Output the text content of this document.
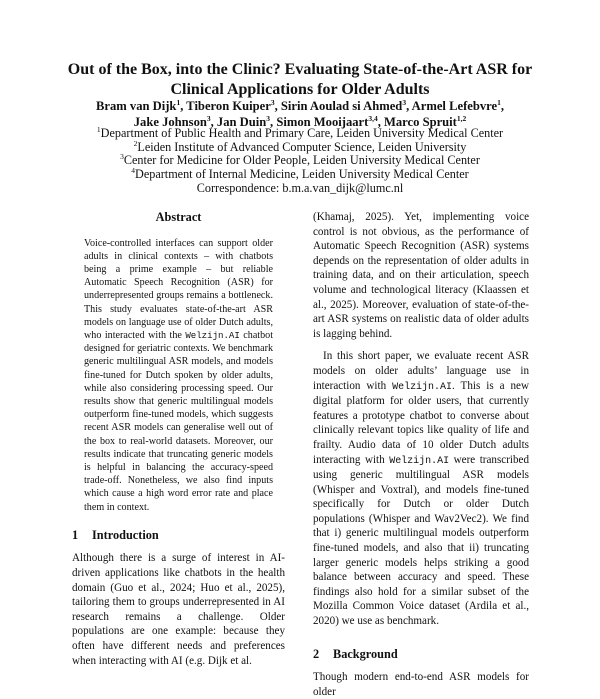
Out of the Box, into the Clinic? Evaluating State-of-the-Art ASR for Clinical Applications for Older Adults
Bram van Dijk$^1$, Tiberon Kuiper$^3$, Sirin Aoulad si Ahmed$^3$, Armel Lefebvre$^1$,
Jake Johnson$^3$, Jan Duin$^3$, Simon Mooijaart$^{3,4}$, Marco Spruit$^{1,2}$
$^1$Department of Public Health and Primary Care, Leiden University Medical Center
$^2$Leiden Institute of Advanced Computer Science, Leiden University
$^3$Center for Medicine for Older People, Leiden University Medical Center
$^4$Department of Internal Medicine, Leiden University Medical Center
Correspondence: b.m.a.van_dijk@lumc.nl
Abstract
Voice-controlled interfaces can support older adults in clinical contexts – with chatbots being a prime example – but reliable Automatic Speech Recognition (ASR) for underrepresented groups remains a bottleneck. This study evaluates state-of-the-art ASR models on language use of older Dutch adults, who interacted with the Welzijn.AI chatbot designed for geriatric contexts. We benchmark generic multilingual ASR models, and models fine-tuned for Dutch spoken by older adults, while also considering processing speed. Our results show that generic multilingual models outperform fine-tuned models, which suggests recent ASR models can generalise well out of the box to real-world datasets. Moreover, our results indicate that truncating generic models is helpful in balancing the accuracy-speed trade-off. Nonetheless, we also find inputs which cause a high word error rate and place them in context.
1 Introduction

Although there is a surge of interest in AI-driven applications like chatbots in the health domain (Guo et al., 2024; Huo et al., 2025), tailoring them to groups underrepresented in AI research remains a challenge. Older populations are one example: because they often have different needs and preferences when interacting with AI (e.g. Dijk et al.

(Khamaj, 2025). Yet, implementing voice control is not obvious, as the performance of Automatic Speech Recognition (ASR) systems depends on the representation of older adults in training data, and on their articulation, speech volume and technological literacy (Klaassen et al., 2025). Moreover, evaluation of state-of-the-art ASR systems on realistic data of older adults is lagging behind.

In this short paper, we evaluate recent ASR models on older adults’ language use in interaction with Welzijn.AI. This is a new digital platform for older users, that currently features a prototype chatbot to converse about clinically relevant topics like quality of life and frailty. Audio data of 10 older Dutch adults interacting with Welzijn.AI were transcribed using generic multilingual ASR models (Whisper and Voxtral), and models fine-tuned specifically for Dutch or older Dutch populations (Whisper and Wav2Vec2). We find that i) generic multilingual models outperform fine-tuned models, and also that ii) truncating larger generic models helps striking a good balance between accuracy and speed. These findings also hold for a similar subset of the Mozilla Common Voice dataset (Ardila et al., 2020) we use as benchmark.

2 Background

Though modern end-to-end ASR models for older
